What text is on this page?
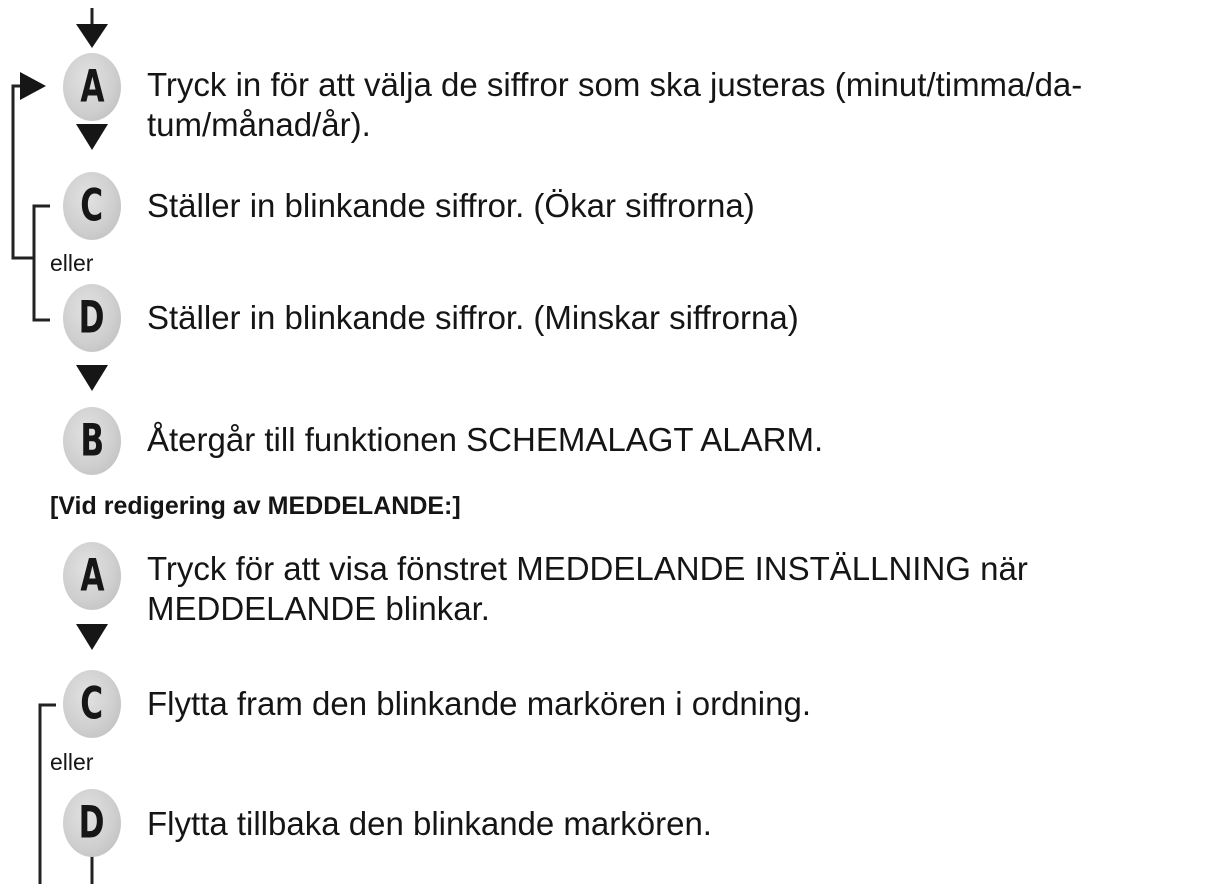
A Tryck in för att välja de siffror som ska justeras (minut/timma/da-
tum/månad/år).
C Ställer in blinkande siffror. (Ökar siffrorna)
eller
D Ställer in blinkande siffror. (Minskar siffrorna)
B Återgår till funktionen SCHEMALAGT ALARM.
[Vid redigering av MEDDELANDE:]
A Tryck för att visa fönstret MEDDELANDE INSTÄLLNING när
MEDDELANDE blinkar.
C Flytta fram den blinkande markören i ordning.
eller
D Flytta tillbaka den blinkande markören.
